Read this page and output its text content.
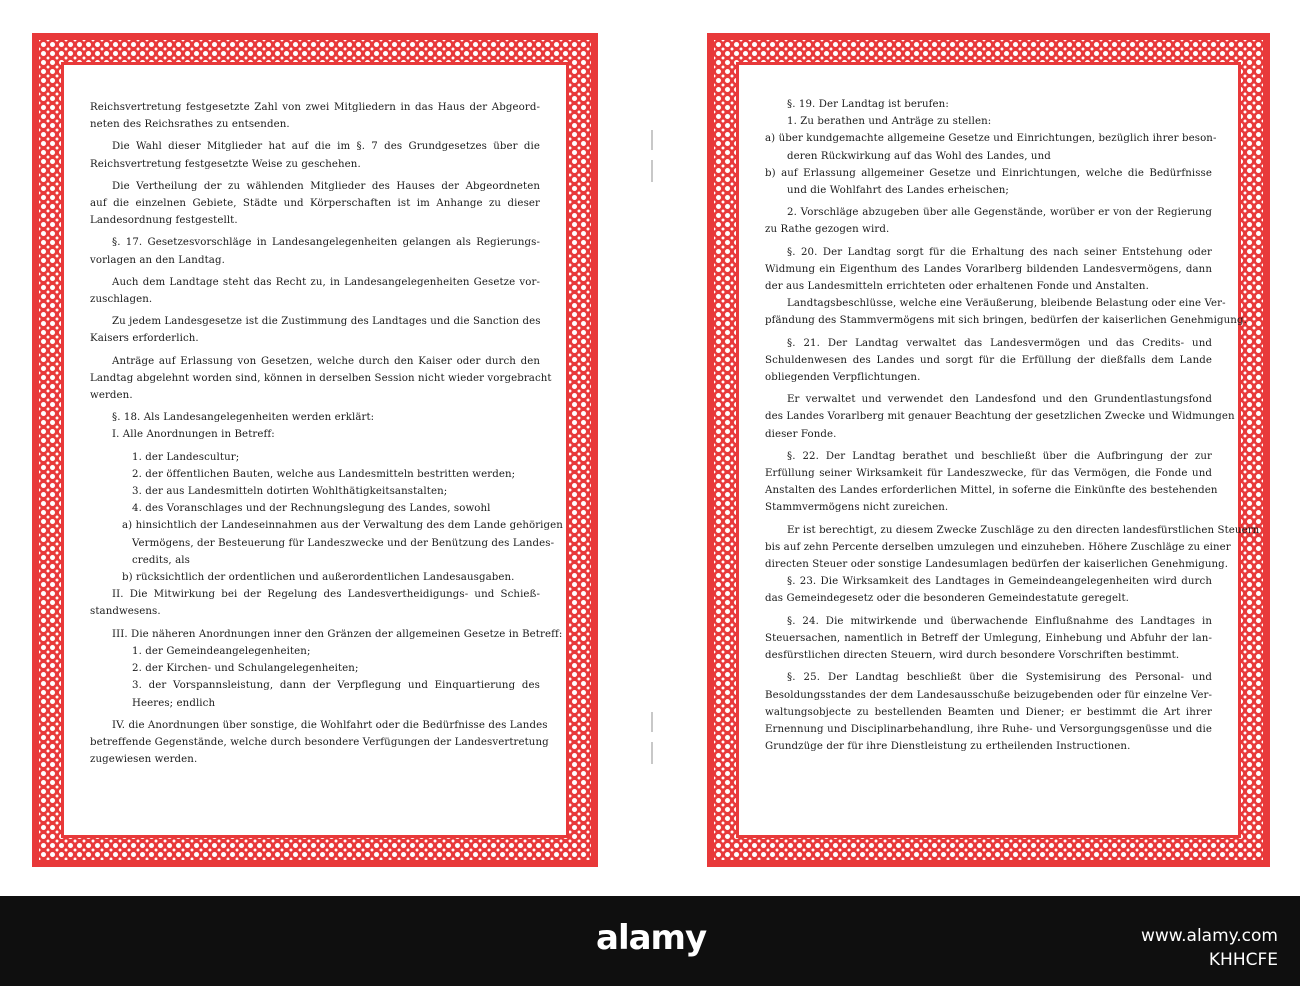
Reichsvertretung festgesetzte Zahl von zwei Mitgliedern in das Haus der Abgeord-
neten des Reichsrathes zu entsenden.
Die Wahl dieser Mitglieder hat auf die im §. 7 des Grundgesetzes über die
Reichsvertretung festgesetzte Weise zu geschehen.
Die Vertheilung der zu wählenden Mitglieder des Hauses der Abgeordneten
auf die einzelnen Gebiete, Städte und Körperschaften ist im Anhange zu dieser
Landesordnung festgestellt.
§. 17. Gesetzesvorschläge in Landesangelegenheiten gelangen als Regierungs-
vorlagen an den Landtag.
Auch dem Landtage steht das Recht zu, in Landesangelegenheiten Gesetze vor-
zuschlagen.
Zu jedem Landesgesetze ist die Zustimmung des Landtages und die Sanction des
Kaisers erforderlich.
Anträge auf Erlassung von Gesetzen, welche durch den Kaiser oder durch den
Landtag abgelehnt worden sind, können in derselben Session nicht wieder vorgebracht
werden.
§. 18. Als Landesangelegenheiten werden erklärt:
I. Alle Anordnungen in Betreff:
1. der Landescultur;
2. der öffentlichen Bauten, welche aus Landesmitteln bestritten werden;
3. der aus Landesmitteln dotirten Wohlthätigkeitsanstalten;
4. des Voranschlages und der Rechnungslegung des Landes, sowohl
a) hinsichtlich der Landeseinnahmen aus der Verwaltung des dem Lande gehörigen
Vermögens, der Besteuerung für Landeszwecke und der Benützung des Landes-
credits, als
b) rücksichtlich der ordentlichen und außerordentlichen Landesausgaben.
II. Die Mitwirkung bei der Regelung des Landesvertheidigungs- und Schieß-
standwesens.
III. Die näheren Anordnungen inner den Gränzen der allgemeinen Gesetze in Betreff:
1. der Gemeindeangelegenheiten;
2. der Kirchen- und Schulangelegenheiten;
3. der Vorspannsleistung, dann der Verpflegung und Einquartierung des
Heeres; endlich
IV. die Anordnungen über sonstige, die Wohlfahrt oder die Bedürfnisse des Landes
betreffende Gegenstände, welche durch besondere Verfügungen der Landesvertretung
zugewiesen werden.
§. 19. Der Landtag ist berufen:
1. Zu berathen und Anträge zu stellen:
a) über kundgemachte allgemeine Gesetze und Einrichtungen, bezüglich ihrer beson-
deren Rückwirkung auf das Wohl des Landes, und
b) auf Erlassung allgemeiner Gesetze und Einrichtungen, welche die Bedürfnisse
und die Wohlfahrt des Landes erheischen;
2. Vorschläge abzugeben über alle Gegenstände, worüber er von der Regierung
zu Rathe gezogen wird.
§. 20. Der Landtag sorgt für die Erhaltung des nach seiner Entstehung oder
Widmung ein Eigenthum des Landes Vorarlberg bildenden Landesvermögens, dann
der aus Landesmitteln errichteten oder erhaltenen Fonde und Anstalten.
Landtagsbeschlüsse, welche eine Veräußerung, bleibende Belastung oder eine Ver-
pfändung des Stammvermögens mit sich bringen, bedürfen der kaiserlichen Genehmigung.
§. 21. Der Landtag verwaltet das Landesvermögen und das Credits- und
Schuldenwesen des Landes und sorgt für die Erfüllung der dießfalls dem Lande
obliegenden Verpflichtungen.
Er verwaltet und verwendet den Landesfond und den Grundentlastungsfond
des Landes Vorarlberg mit genauer Beachtung der gesetzlichen Zwecke und Widmungen
dieser Fonde.
§. 22. Der Landtag berathet und beschließt über die Aufbringung der zur
Erfüllung seiner Wirksamkeit für Landeszwecke, für das Vermögen, die Fonde und
Anstalten des Landes erforderlichen Mittel, in soferne die Einkünfte des bestehenden
Stammvermögens nicht zureichen.
Er ist berechtigt, zu diesem Zwecke Zuschläge zu den directen landesfürstlichen Steuern
bis auf zehn Percente derselben umzulegen und einzuheben. Höhere Zuschläge zu einer
directen Steuer oder sonstige Landesumlagen bedürfen der kaiserlichen Genehmigung.
§. 23. Die Wirksamkeit des Landtages in Gemeindeangelegenheiten wird durch
das Gemeindegesetz oder die besonderen Gemeindestatute geregelt.
§. 24. Die mitwirkende und überwachende Einflußnahme des Landtages in
Steuersachen, namentlich in Betreff der Umlegung, Einhebung und Abfuhr der lan-
desfürstlichen directen Steuern, wird durch besondere Vorschriften bestimmt.
§. 25. Der Landtag beschließt über die Systemisirung des Personal- und
Besoldungsstandes der dem Landesausschuße beizugebenden oder für einzelne Ver-
waltungsobjecte zu bestellenden Beamten und Diener; er bestimmt die Art ihrer
Ernennung und Disciplinarbehandlung, ihre Ruhe- und Versorgungsgenüsse und die
Grundzüge der für ihre Dienstleistung zu ertheilenden Instructionen.
alamy
KHHCFE
www.alamy.com
